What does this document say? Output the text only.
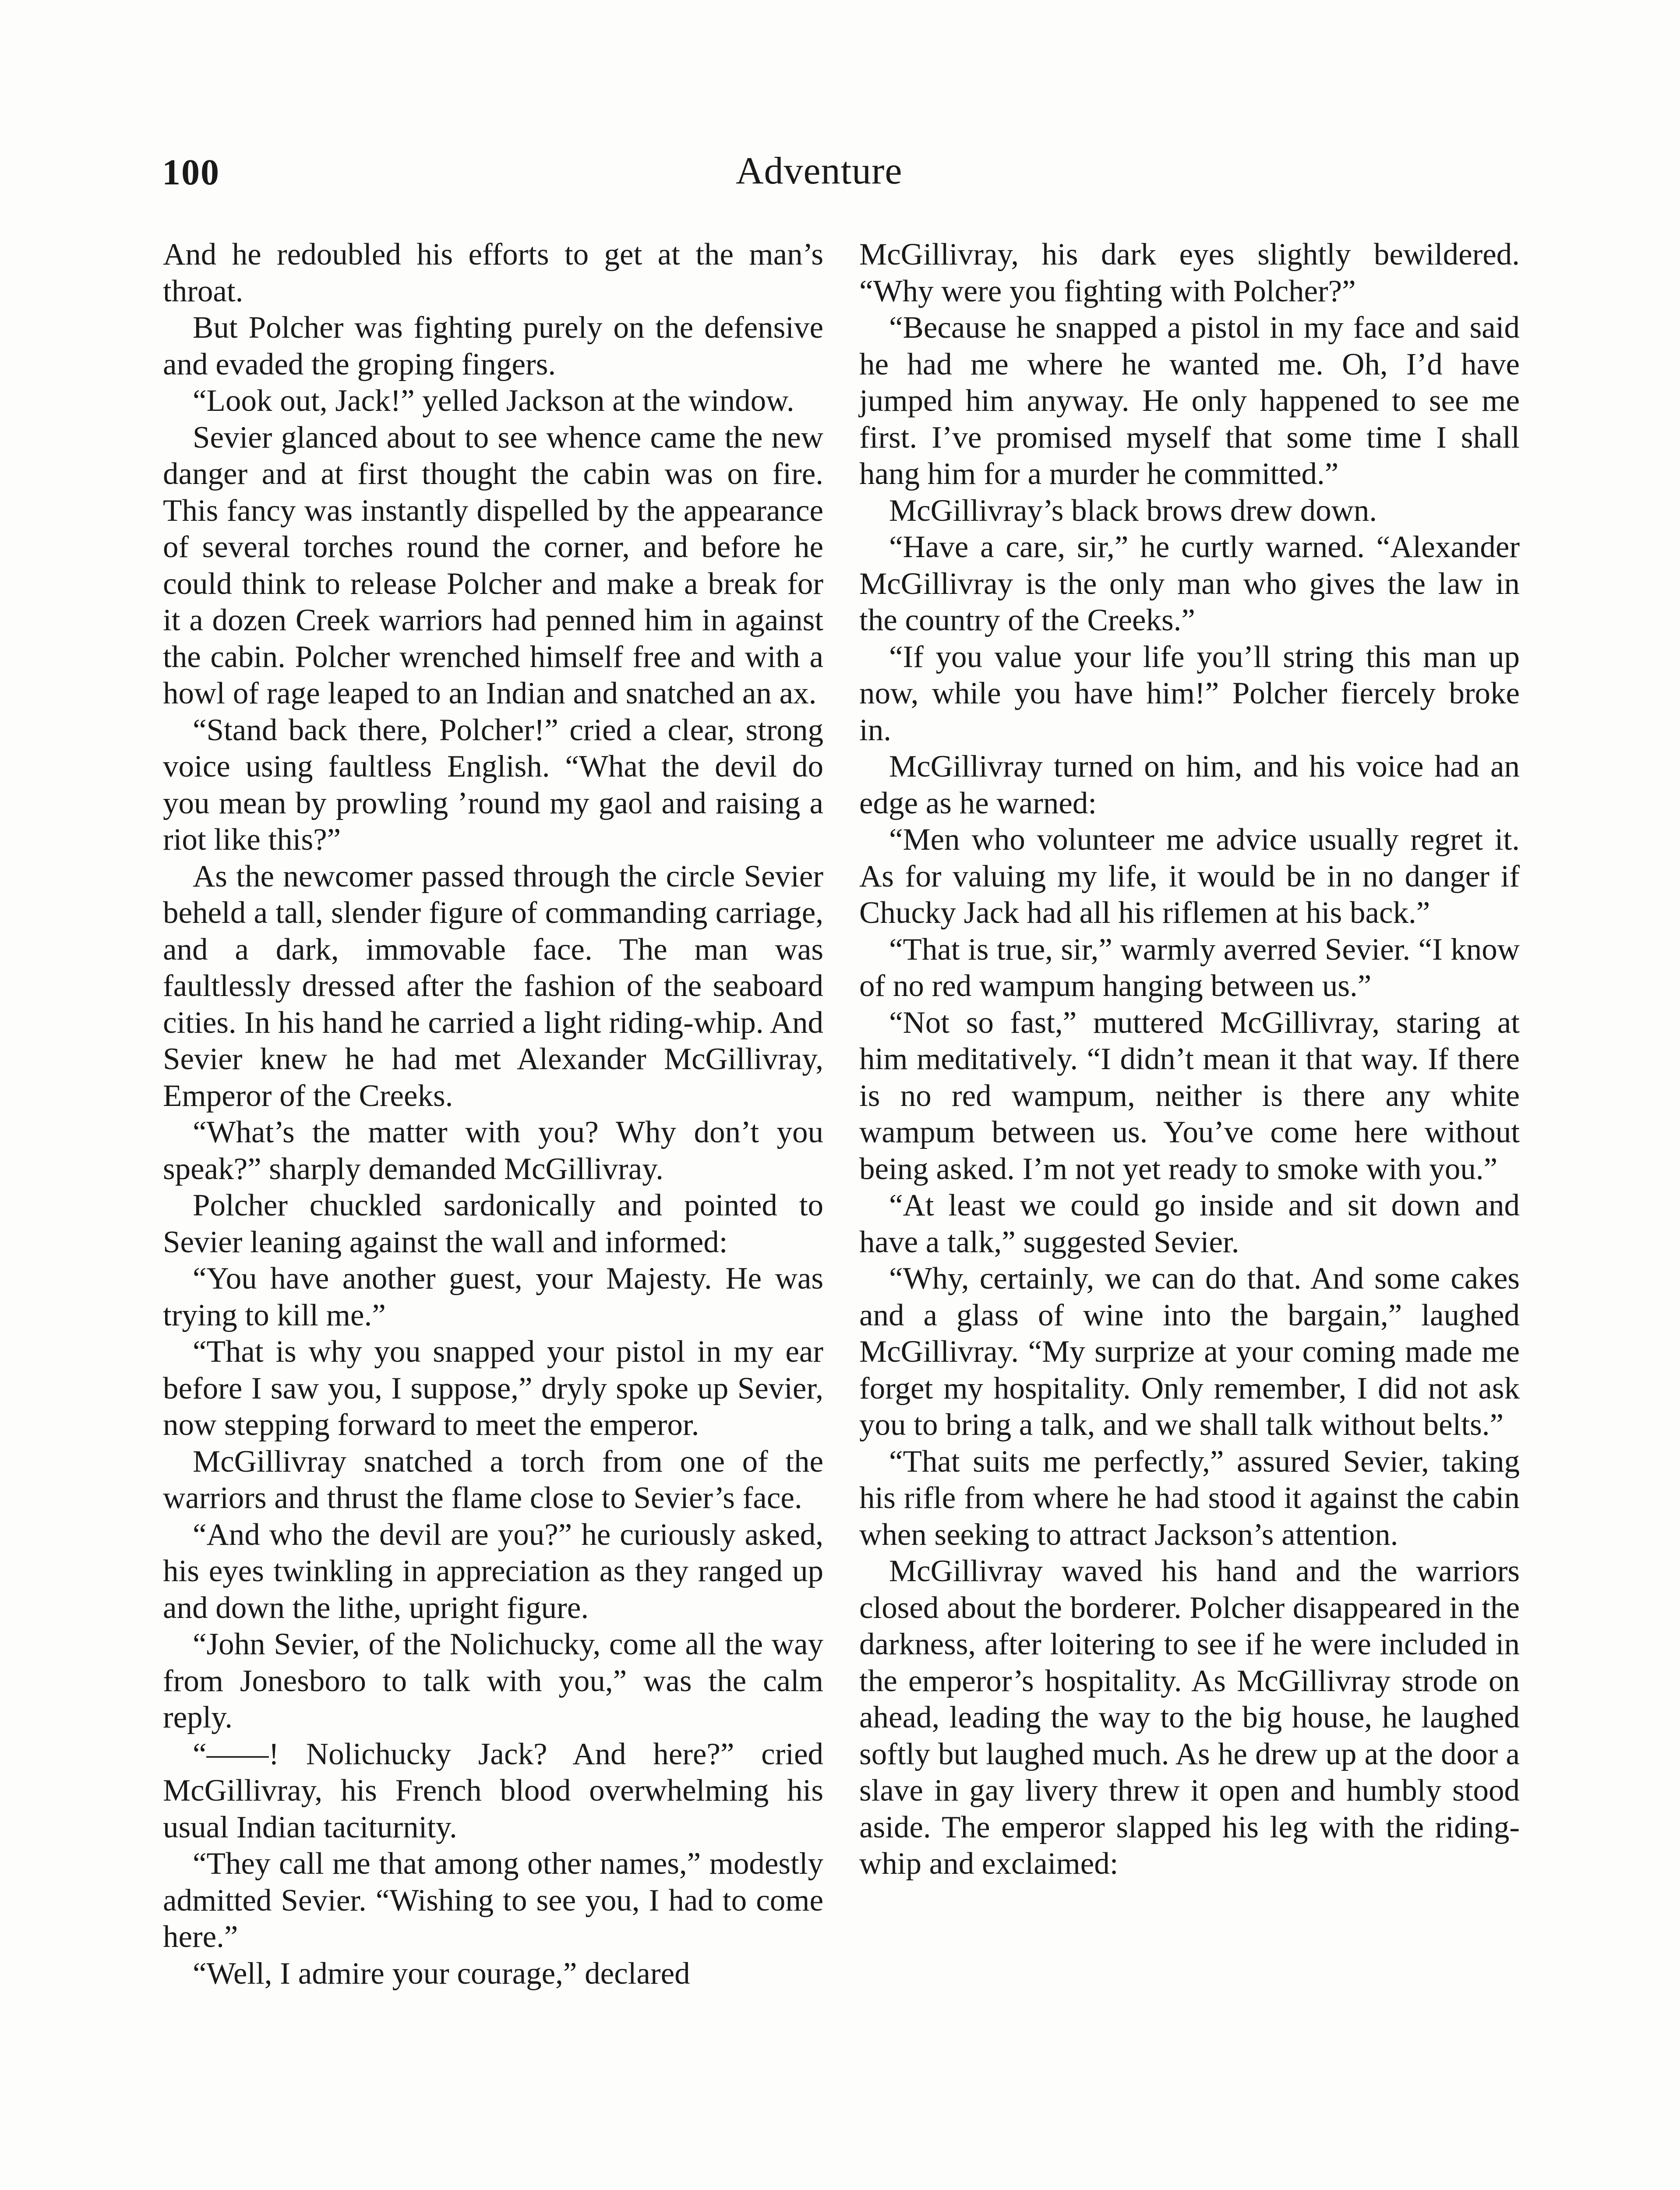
100	Adventure

And he redoubled his efforts to get at the man’s throat.

But Polcher was fighting purely on the defensive and evaded the groping fingers.

“Look out, Jack!” yelled Jackson at the window.

Sevier glanced about to see whence came the new danger and at first thought the cabin was on fire. This fancy was instantly dispelled by the appearance of several torches round the corner, and before he could think to release Polcher and make a break for it a dozen Creek warriors had penned him in against the cabin. Polcher wrenched himself free and with a howl of rage leaped to an Indian and snatched an ax.

“Stand back there, Polcher!” cried a clear, strong voice using faultless English. “What the devil do you mean by prowling ’round my gaol and raising a riot like this?”

As the newcomer passed through the circle Sevier beheld a tall, slender figure of commanding carriage, and a dark, immovable face. The man was faultlessly dressed after the fashion of the seaboard cities. In his hand he carried a light riding-whip. And Sevier knew he had met Alexander McGillivray, Emperor of the Creeks.

“What’s the matter with you? Why don’t you speak?” sharply demanded McGillivray.

Polcher chuckled sardonically and pointed to Sevier leaning against the wall and informed:

“You have another guest, your Majesty. He was trying to kill me.”

“That is why you snapped your pistol in my ear before I saw you, I suppose,” dryly spoke up Sevier, now stepping forward to meet the emperor.

McGillivray snatched a torch from one of the warriors and thrust the flame close to Sevier’s face.

“And who the devil are you?” he curiously asked, his eyes twinkling in appreciation as they ranged up and down the lithe, upright figure.

“John Sevier, of the Nolichucky, come all the way from Jonesboro to talk with you,” was the calm reply.

“——! Nolichucky Jack? And here?” cried McGillivray, his French blood overwhelming his usual Indian taciturnity.

“They call me that among other names,” modestly admitted Sevier. “Wishing to see you, I had to come here.”

“Well, I admire your courage,” declared

McGillivray, his dark eyes slightly bewildered. “Why were you fighting with Polcher?”

“Because he snapped a pistol in my face and said he had me where he wanted me. Oh, I’d have jumped him anyway. He only happened to see me first. I’ve promised myself that some time I shall hang him for a murder he committed.”

McGillivray’s black brows drew down.

“Have a care, sir,” he curtly warned. “Alexander McGillivray is the only man who gives the law in the country of the Creeks.”

“If you value your life you’ll string this man up now, while you have him!” Polcher fiercely broke in.

McGillivray turned on him, and his voice had an edge as he warned:

“Men who volunteer me advice usually regret it. As for valuing my life, it would be in no danger if Chucky Jack had all his riflemen at his back.”

“That is true, sir,” warmly averred Sevier. “I know of no red wampum hanging between us.”

“Not so fast,” muttered McGillivray, staring at him meditatively. “I didn’t mean it that way. If there is no red wampum, neither is there any white wampum between us. You’ve come here without being asked. I’m not yet ready to smoke with you.”

“At least we could go inside and sit down and have a talk,” suggested Sevier.

“Why, certainly, we can do that. And some cakes and a glass of wine into the bargain,” laughed McGillivray. “My surprize at your coming made me forget my hospitality. Only remember, I did not ask you to bring a talk, and we shall talk without belts.”

“That suits me perfectly,” assured Sevier, taking his rifle from where he had stood it against the cabin when seeking to attract Jackson’s attention.

McGillivray waved his hand and the warriors closed about the borderer. Polcher disappeared in the darkness, after loitering to see if he were included in the emperor’s hospitality. As McGillivray strode on ahead, leading the way to the big house, he laughed softly but laughed much. As he drew up at the door a slave in gay livery threw it open and humbly stood aside. The emperor slapped his leg with the riding-whip and exclaimed:
